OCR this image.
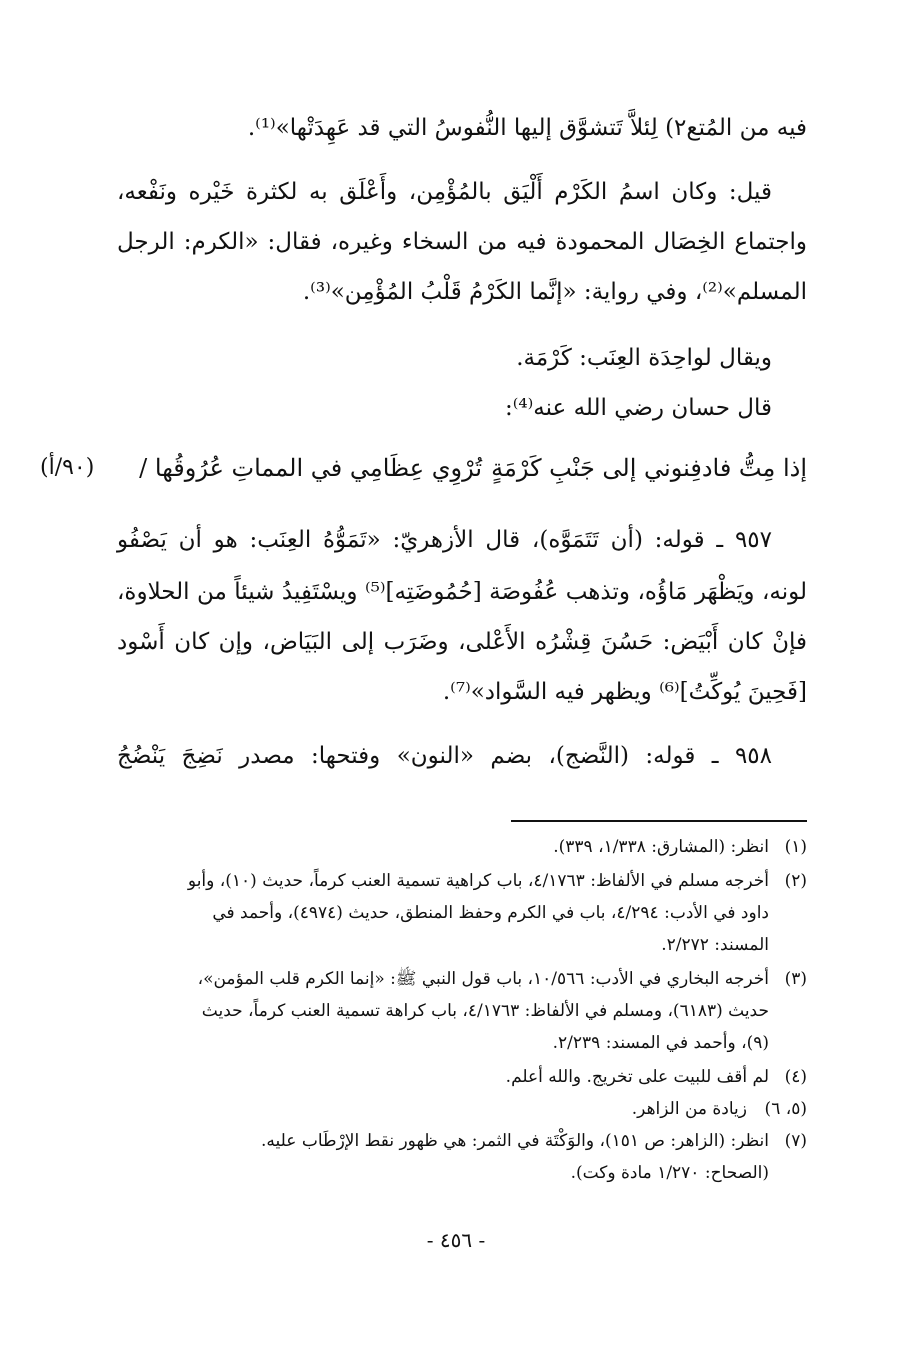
فيه من المُتع٢) لِئلاَّ تَتشوَّق إليها النُّفوسُ التي قد عَهِدَتْها»⁽¹⁾.
قيل: وكان اسمُ الكَرْم أَلْيَق بالمُؤْمِن، وأَعْلَق به لكثرة خَيْره ونَفْعه،
واجتماع الخِصَال المحمودة فيه من السخاء وغيره، فقال: «الكرم: الرجل
المسلم»⁽²⁾، وفي رواية: «إنَّما الكَرْمُ قَلْبُ المُؤْمِن»⁽³⁾.
ويقال لواحِدَة العِنَب: كَرْمَة.
قال حسان رضي الله عنه⁽⁴⁾:
إذا مِتُّ فادفِنوني إلى جَنْبِ كَرْمَةٍ
تُرْوِي عِظَامِي في المماتِ عُرُوقُها /
(٩٠/أ)
٩٥٧ ـ قوله: (أن تَتَمَوَّه)، قال الأزهريّ: «تَمَوُّهُ العِنَب: هو أن يَصْفُو
لونه، ويَظْهَر مَاؤُه، وتذهب عُفُوصَة [حُمُوضَتِه]⁽⁵⁾ ويسْتَفِيدُ شيئاً من الحلاوة،
فإنْ كان أَبْيَض: حَسُنَ قِشْرُه الأَعْلى، وضَرَب إلى البَيَاض، وإن كان أَسْود
[فَحِينَ يُوكِّتُ]⁽⁶⁾ ويظهر فيه السَّواد»⁽⁷⁾.
٩٥٨ ـ قوله: (النَّضج)، بضم «النون» وفتحها: مصدر نَضِجَ يَنْضُجُ
(١)انظر: (المشارق: ١/٣٣٨، ٣٣٩).
(٢)أخرجه مسلم في الألفاظ: ٤/١٧٦٣، باب كراهية تسمية العنب كرماً، حديث (١٠)، وأبو
داود في الأدب: ٤/٢٩٤، باب في الكرم وحفظ المنطق، حديث (٤٩٧٤)، وأحمد في
المسند: ٢/٢٧٢.
(٣)أخرجه البخاري في الأدب: ١٠/٥٦٦، باب قول النبي ﷺ: «إنما الكرم قلب المؤمن»،
حديث (٦١٨٣)، ومسلم في الألفاظ: ٤/١٧٦٣، باب كراهة تسمية العنب كرماً، حديث
(٩)، وأحمد في المسند: ٢/٢٣٩.
(٤)لم أقف للبيت على تخريج. والله أعلم.
(٥، ٦)زيادة من الزاهر.
(٧)انظر: (الزاهر: ص ١٥١)، والوَكْتَة في الثمر: هي ظهور نقط الإرْطَاب عليه.
(الصحاح: ١/٢٧٠ مادة وكت).
- ٤٥٦ -
